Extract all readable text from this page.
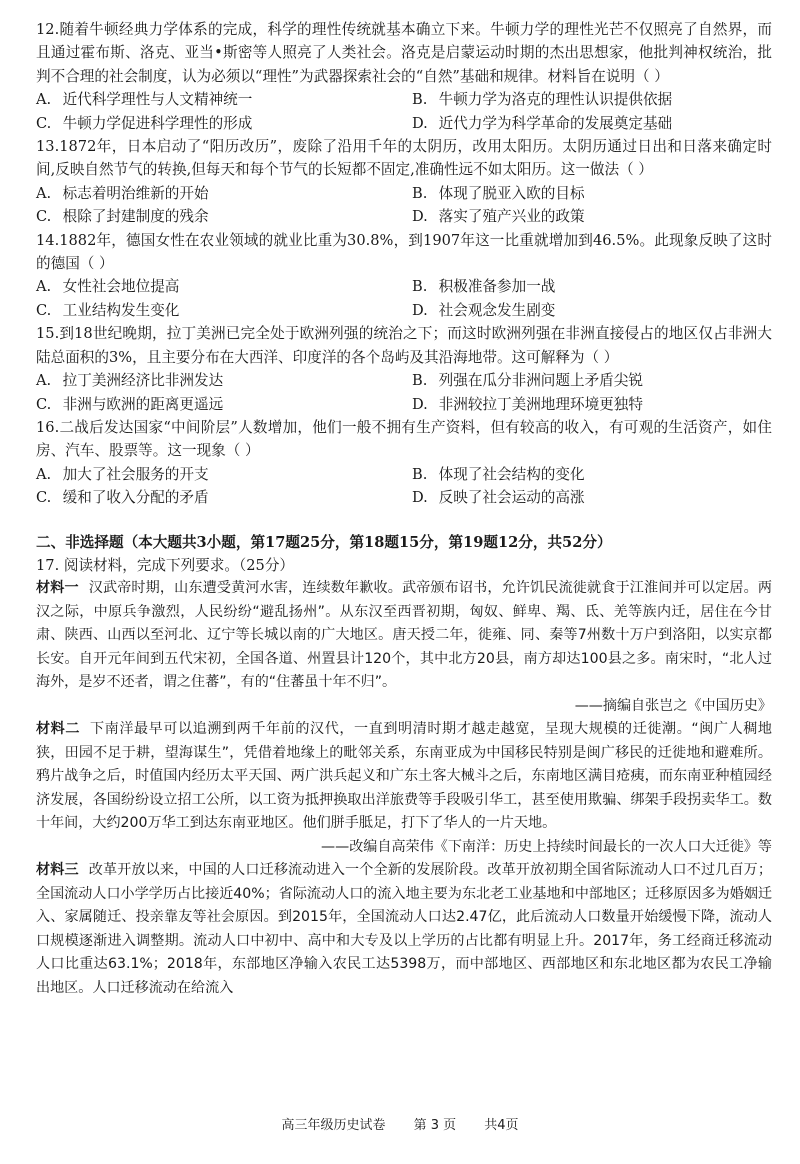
12.随着牛顿经典力学体系的完成，科学的理性传统就基本确立下来。牛顿力学的理性光芒不仅照亮了自然界，而且通过霍布斯、洛克、亚当•斯密等人照亮了人类社会。洛克是启蒙运动时期的杰出思想家，他批判神权统治，批判不合理的社会制度，认为必须以“理性”为武器探索社会的“自然”基础和规律。材料旨在说明（ ）

A. 近代科学理性与人文精神统一	B. 牛顿力学为洛克的理性认识提供依据
C. 牛顿力学促进科学理性的形成	D. 近代力学为科学革命的发展奠定基础

13.1872年，日本启动了“阳历改历”，废除了沿用千年的太阴历，改用太阳历。太阴历通过日出和日落来确定时间,反映自然节气的转换,但每天和每个节气的长短都不固定,准确性远不如太阳历。这一做法（ ）

A. 标志着明治维新的开始	B. 体现了脱亚入欧的目标
C. 根除了封建制度的残余	D. 落实了殖产兴业的政策

14.1882年，德国女性在农业领域的就业比重为30.8%，到1907年这一比重就增加到46.5%。此现象反映了这时的德国（ ）

A. 女性社会地位提高	B. 积极准备参加一战
C. 工业结构发生变化	D. 社会观念发生剧变

15.到18世纪晚期，拉丁美洲已完全处于欧洲列强的统治之下；而这时欧洲列强在非洲直接侵占的地区仅占非洲大陆总面积的3%，且主要分布在大西洋、印度洋的各个岛屿及其沿海地带。这可解释为（ ）

A. 拉丁美洲经济比非洲发达	B. 列强在瓜分非洲问题上矛盾尖锐
C. 非洲与欧洲的距离更遥远	D. 非洲较拉丁美洲地理环境更独特

16.二战后发达国家“中间阶层”人数增加，他们一般不拥有生产资料，但有较高的收入，有可观的生活资产，如住房、汽车、股票等。这一现象（ ）

A. 加大了社会服务的开支	B. 体现了社会结构的变化
C. 缓和了收入分配的矛盾	D. 反映了社会运动的高涨

二、非选择题（本大题共3小题，第17题25分，第18题15分，第19题12分，共52分）

17. 阅读材料，完成下列要求。（25分）

材料一 汉武帝时期，山东遭受黄河水害，连续数年歉收。武帝颁布诏书，允许饥民流徙就食于江淮间并可以定居。两汉之际，中原兵争激烈，人民纷纷“避乱扬州”。从东汉至西晋初期，匈奴、鲜卑、羯、氐、羌等族内迁，居住在今甘肃、陕西、山西以至河北、辽宁等长城以南的广大地区。唐天授二年，徙雍、同、秦等7州数十万户到洛阳，以实京都长安。自开元年间到五代宋初，全国各道、州置县计120个，其中北方20县，南方却达100县之多。南宋时，“北人过海外，是岁不还者，谓之住蕃”，有的“住蕃虽十年不归”。

——摘编自张岂之《中国历史》

材料二 下南洋最早可以追溯到两千年前的汉代，一直到明清时期才越走越宽，呈现大规模的迁徙潮。“闽广人稠地狭，田园不足于耕，望海谋生”，凭借着地缘上的毗邻关系，东南亚成为中国移民特别是闽广移民的迁徙地和避难所。鸦片战争之后，时值国内经历太平天国、两广洪兵起义和广东土客大械斗之后，东南地区满目疮痍，而东南亚种植园经济发展，各国纷纷设立招工公所，以工资为抵押换取出洋旅费等手段吸引华工，甚至使用欺骗、绑架手段拐卖华工。数十年间，大约200万华工到达东南亚地区。他们胼手胝足，打下了华人的一片天地。

——改编自高荣伟《下南洋：历史上持续时间最长的一次人口大迁徙》等

材料三 改革开放以来，中国的人口迁移流动进入一个全新的发展阶段。改革开放初期全国省际流动人口不过几百万；全国流动人口小学学历占比接近40%；省际流动人口的流入地主要为东北老工业基地和中部地区；迁移原因多为婚姻迁入、家属随迁、投亲靠友等社会原因。到2015年，全国流动人口达2.47亿，此后流动人口数量开始缓慢下降，流动人口规模逐渐进入调整期。流动人口中初中、高中和大专及以上学历的占比都有明显上升。2017年，务工经商迁移流动人口比重达63.1%；2018年，东部地区净输入农民工达5398万，而中部地区、西部地区和东北地区都为农民工净输出地区。人口迁移流动在给流入

高三年级历史试卷 第 3 页 共4页
